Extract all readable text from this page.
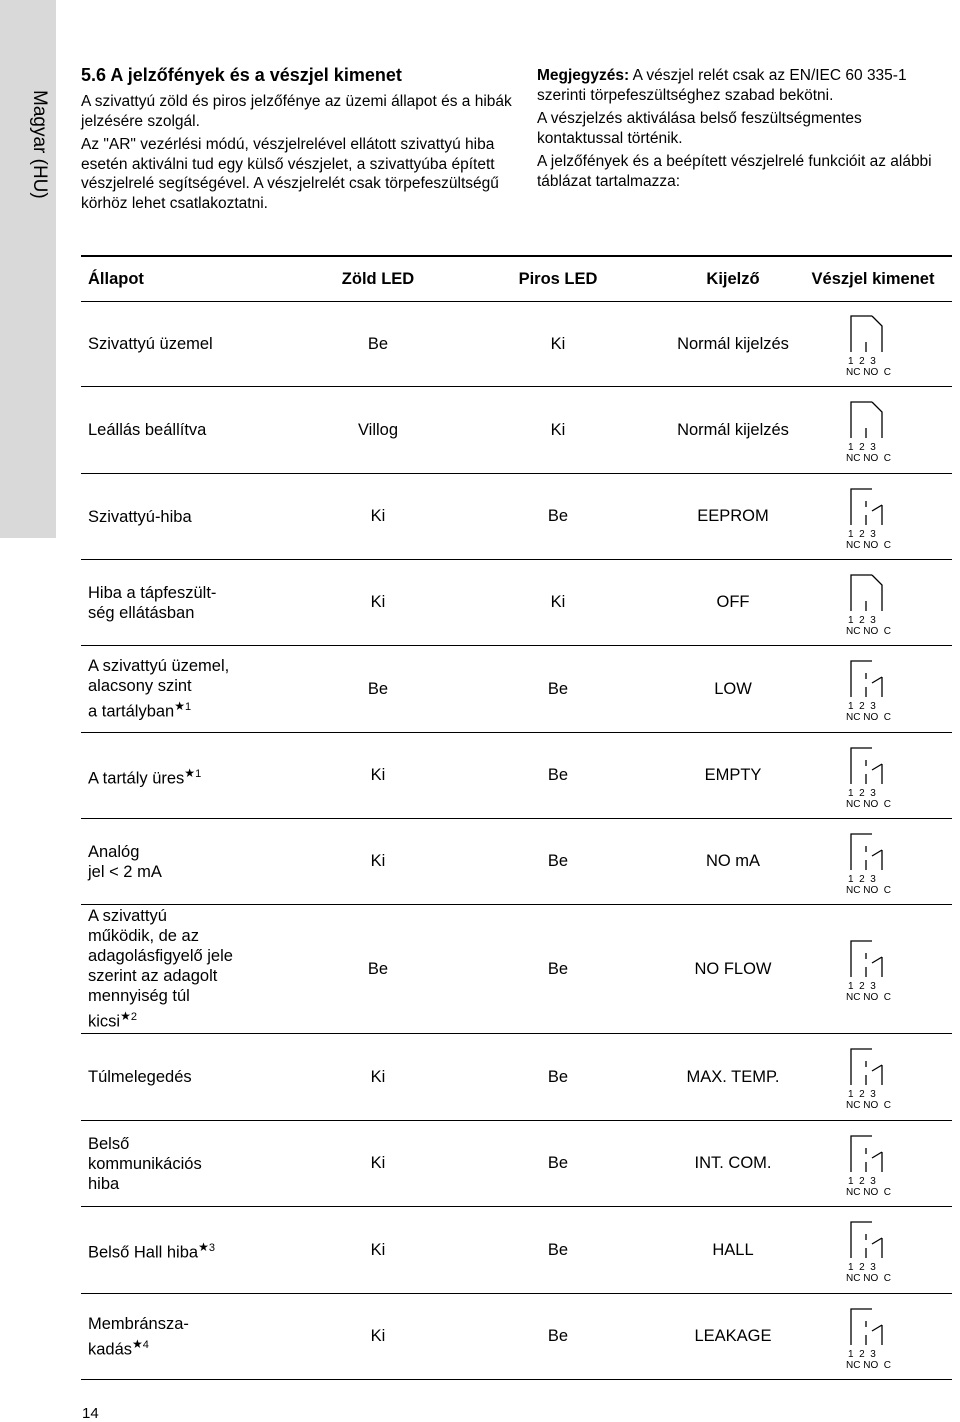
Magyar (HU)
5.6 A jelzőfények és a vészjel kimenet
A szivattyú zöld és piros jelzőfénye az üzemi állapot és a hibák jelzésére szolgál.
Az "AR" vezérlési módú, vészjelrelével ellátott szivattyú hiba esetén aktiválni tud egy külső vészjelet, a szivattyúba épített vészjelrelé segítségével. A vészjelrelét csak törpefeszültségű körhöz lehet csatlakoztatni.
Megjegyzés: A vészjel relét csak az EN/IEC 60 335-1 szerinti törpefeszültséghez szabad bekötni.
A vészjelzés aktiválása belső feszültségmentes kontaktussal történik.
A jelzőfények és a beépített vészjelrelé funkcióit az alábbi táblázat tartalmazza:
Állapot	Zöld LED	Piros LED	Kijelző	Vészjel kimenet
Szivattyú üzemel	Be	Ki	Normál kijelzés
1  2  3
NC NO  C
Leállás beállítva	Villog	Ki	Normál kijelzés
1  2  3
NC NO  C
Szivattyú-hiba	Ki	Be	EEPROM
1  2  3
NC NO  C
Hiba a tápfeszült-
ség ellátásban
Ki	Ki	OFF
1  2  3
NC NO  C
A szivattyú üzemel,
alacsony szint
a tartályban$^{★1}$
Be	Be	LOW
1  2  3
NC NO  C
A tartály üres$^{★1}$	Ki	Be	EMPTY
1  2  3
NC NO  C
Analóg
jel < 2 mA
Ki	Be	NO mA
1  2  3
NC NO  C
A szivattyú
működik, de az
adagolásfigyelő jele
szerint az adagolt
mennyiség túl
kicsi$^{★2}$
Be	Be	NO FLOW
1  2  3
NC NO  C
Túlmelegedés	Ki	Be	MAX. TEMP.
1  2  3
NC NO  C
Belső
kommunikációs
hiba
Ki	Be	INT. COM.
1  2  3
NC NO  C
Belső Hall hiba$^{★3}$	Ki	Be	HALL
1  2  3
NC NO  C
Membránsza-
kadás$^{★4}$	Ki	Be	LEAKAGE
1  2  3
NC NO  C
14
